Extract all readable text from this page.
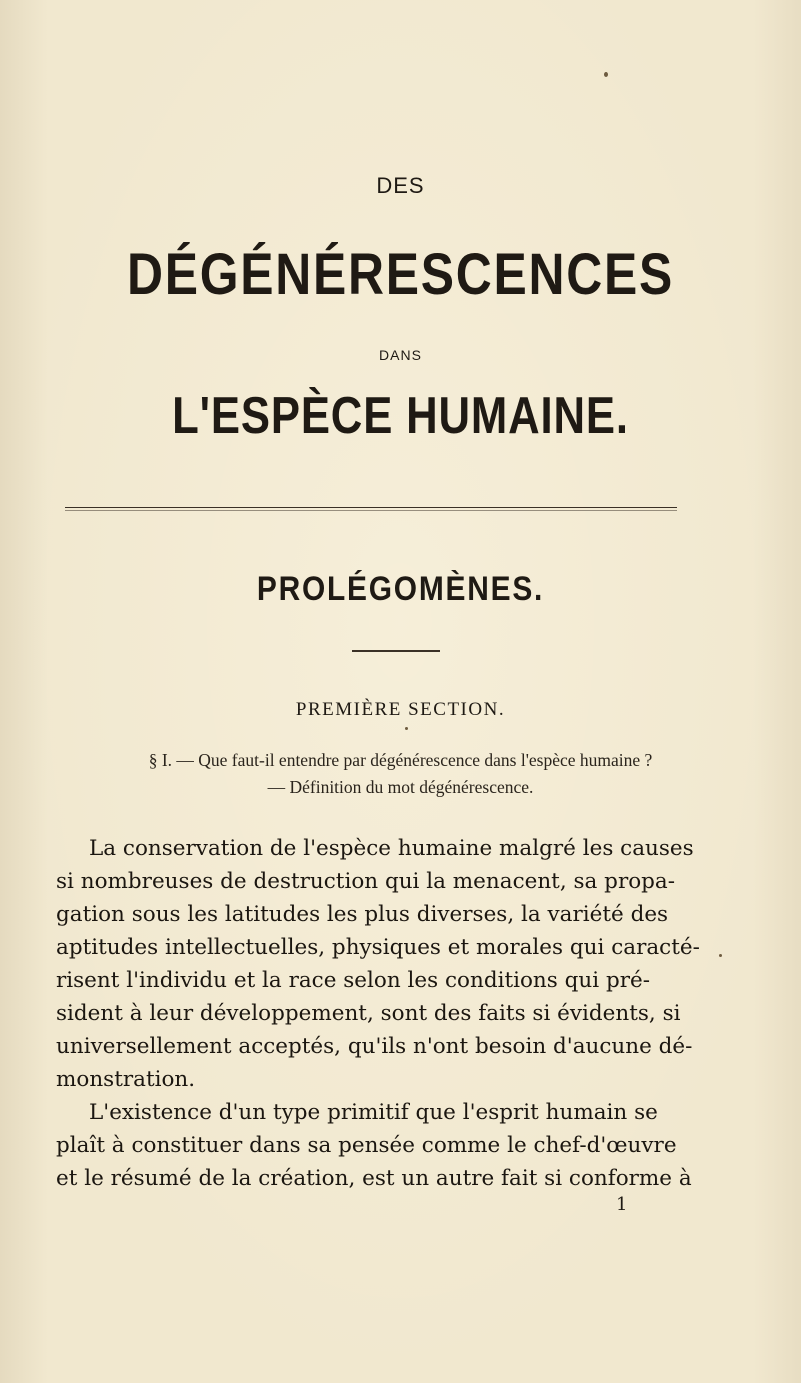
DES
DÉGÉNÉRESCENCES
DANS
L'ESPÈCE HUMAINE.
PROLÉGOMÈNES.
PREMIÈRE SECTION.
§ I. — Que faut-il entendre par dégénérescence dans l'espèce humaine ?
— Définition du mot dégénérescence.
La conservation de l'espèce humaine malgré les causes
si nombreuses de destruction qui la menacent, sa propa-
gation sous les latitudes les plus diverses, la variété des
aptitudes intellectuelles, physiques et morales qui caracté-
risent l'individu et la race selon les conditions qui pré-
sident à leur développement, sont des faits si évidents, si
universellement acceptés, qu'ils n'ont besoin d'aucune dé-
monstration.
L'existence d'un type primitif que l'esprit humain se
plaît à constituer dans sa pensée comme le chef-d'œuvre
et le résumé de la création, est un autre fait si conforme à
1
